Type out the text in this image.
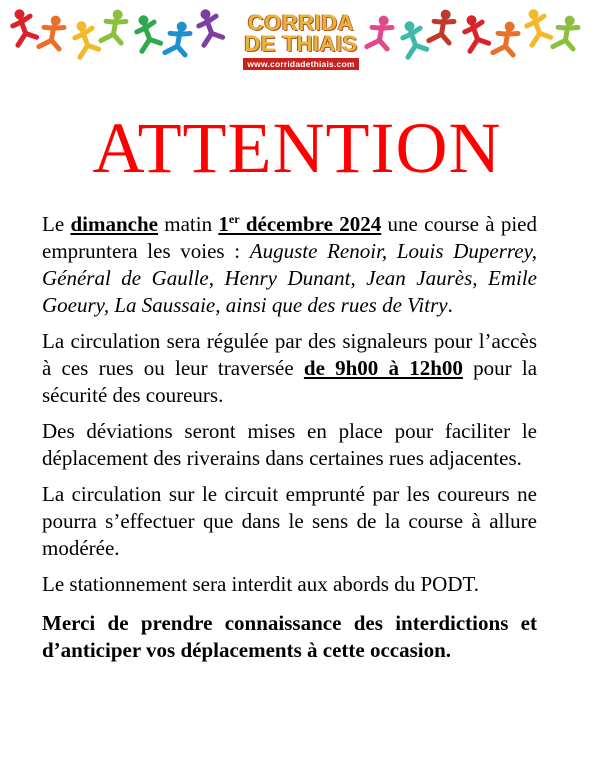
CORRIDA
DE THIAIS
www.corridadethiais.com
ATTENTION

Le dimanche matin 1er décembre 2024 une course à pied empruntera les voies : Auguste Renoir, Louis Duperrey, Général de Gaulle, Henry Dunant, Jean Jaurès, Emile Goeury, La Saussaie, ainsi que des rues de Vitry.

La circulation sera régulée par des signaleurs pour l’accès à ces rues ou leur traversée de 9h00 à 12h00 pour la sécurité des coureurs.

Des déviations seront mises en place pour faciliter le déplacement des riverains dans certaines rues adjacentes.

La circulation sur le circuit emprunté par les coureurs ne pourra s’effectuer que dans le sens de la course à allure modérée.

Le stationnement sera interdit aux abords du PODT.

Merci de prendre connaissance des interdictions et d’anticiper vos déplacements à cette occasion.
